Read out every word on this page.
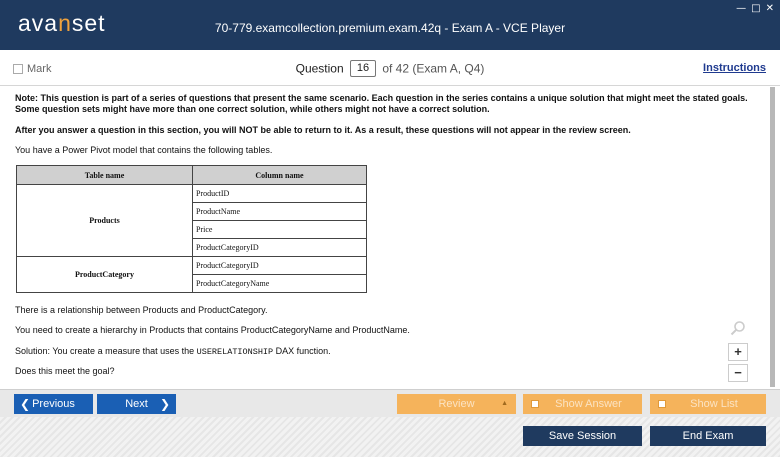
avanset	70-779.examcollection.premium.exam.42q - Exam A - VCE Player
— □ ✕
Mark	Question 16 of 42 (Exam A, Q4)	Instructions

Note: This question is part of a series of questions that present the same scenario. Each question in the series contains a unique solution that might meet the stated goals. Some question sets might have more than one correct solution, while others might not have a correct solution.

After you answer a question in this section, you will NOT be able to return to it. As a result, these questions will not appear in the review screen.

You have a Power Pivot model that contains the following tables.

Table name	Column name
Products	ProductID
	ProductName
	Price
	ProductCategoryID
ProductCategory	ProductCategoryID
	ProductCategoryName

There is a relationship between Products and ProductCategory.

You need to create a hierarchy in Products that contains ProductCategoryName and ProductName.

Solution: You create a measure that uses the USERELATIONSHIP DAX function.

Does this meet the goal?

+
−
❮ Previous	Next ❯	Review	▲	Show Answer	Show List
Save Session	End Exam
